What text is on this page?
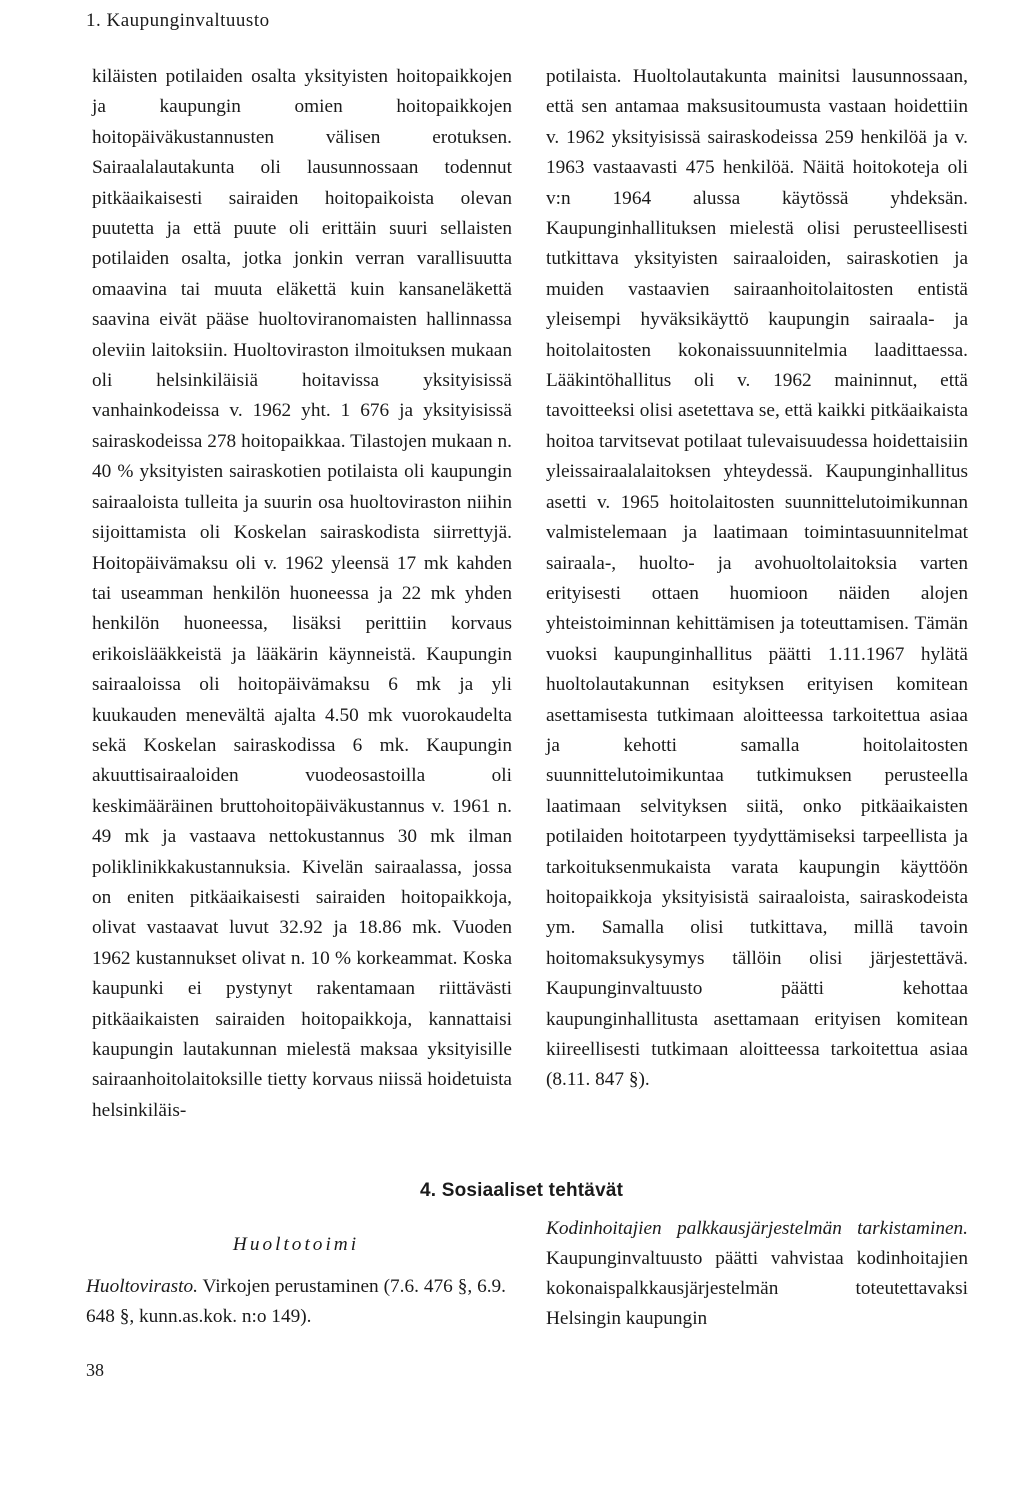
1. Kaupunginvaltuusto

kiläisten potilaiden osalta yksityisten hoitopaikkojen ja kaupungin omien hoitopaikkojen hoitopäiväkustannusten välisen erotuksen. Sairaalalautakunta oli lausunnossaan todennut pitkäaikaisesti sairaiden hoitopaikoista olevan puutetta ja että puute oli erittäin suuri sellaisten potilaiden osalta, jotka jonkin verran varallisuutta omaavina tai muuta eläkettä kuin kansaneläkettä saavina eivät pääse huoltoviranomaisten hallinnassa oleviin laitoksiin. Huoltoviraston ilmoituksen mukaan oli helsinkiläisiä hoitavissa yksityisissä vanhainkodeissa v. 1962 yht. 1 676 ja yksityisissä sairaskodeissa 278 hoitopaikkaa. Tilastojen mukaan n. 40 % yksityisten sairaskotien potilaista oli kaupungin sairaaloista tulleita ja suurin osa huoltoviraston niihin sijoittamista oli Koskelan sairaskodista siirrettyjä. Hoitopäivämaksu oli v. 1962 yleensä 17 mk kahden tai useamman henkilön huoneessa ja 22 mk yhden henkilön huoneessa, lisäksi perittiin korvaus erikoislääkkeistä ja lääkärin käynneistä. Kaupungin sairaaloissa oli hoitopäivämaksu 6 mk ja yli kuukauden menevältä ajalta 4.50 mk vuorokaudelta sekä Koskelan sairaskodissa 6 mk. Kaupungin akuuttisairaaloiden vuodeosastoilla oli keskimääräinen bruttohoitopäiväkustannus v. 1961 n. 49 mk ja vastaava nettokustannus 30 mk ilman poliklinikkakustannuksia. Kivelän sairaalassa, jossa on eniten pitkäaikaisesti sairaiden hoitopaikkoja, olivat vastaavat luvut 32.92 ja 18.86 mk. Vuoden 1962 kustannukset olivat n. 10 % korkeammat. Koska kaupunki ei pystynyt rakentamaan riittävästi pitkäaikaisten sairaiden hoitopaikkoja, kannattaisi kaupungin lautakunnan mielestä maksaa yksityisille sairaanhoitolaitoksille tietty korvaus niissä hoidetuista helsinkiläis-

potilaista. Huoltolautakunta mainitsi lausunnossaan, että sen antamaa maksusitoumusta vastaan hoidettiin v. 1962 yksityisissä sairaskodeissa 259 henkilöä ja v. 1963 vastaavasti 475 henkilöä. Näitä hoitokoteja oli v:n 1964 alussa käytössä yhdeksän. Kaupunginhallituksen mielestä olisi perusteellisesti tutkittava yksityisten sairaaloiden, sairaskotien ja muiden vastaavien sairaanhoitolaitosten entistä yleisempi hyväksikäyttö kaupungin sairaala- ja hoitolaitosten kokonaissuunnitelmia laadittaessa. Lääkintöhallitus oli v. 1962 maininnut, että tavoitteeksi olisi asetettava se, että kaikki pitkäaikaista hoitoa tarvitsevat potilaat tulevaisuudessa hoidettaisiin yleissairaalalaitoksen yhteydessä. Kaupunginhallitus asetti v. 1965 hoitolaitosten suunnittelutoimikunnan valmistelemaan ja laatimaan toimintasuunnitelmat sairaala-, huolto- ja avohuoltolaitoksia varten erityisesti ottaen huomioon näiden alojen yhteistoiminnan kehittämisen ja toteuttamisen. Tämän vuoksi kaupunginhallitus päätti 1.11.1967 hylätä huoltolautakunnan esityksen erityisen komitean asettamisesta tutkimaan aloitteessa tarkoitettua asiaa ja kehotti samalla hoitolaitosten suunnittelutoimikuntaa tutkimuksen perusteella laatimaan selvityksen siitä, onko pitkäaikaisten potilaiden hoitotarpeen tyydyttämiseksi tarpeellista ja tarkoituksenmukaista varata kaupungin käyttöön hoitopaikkoja yksityisistä sairaaloista, sairaskodeista ym. Samalla olisi tutkittava, millä tavoin hoitomaksukysymys tällöin olisi järjestettävä. Kaupunginvaltuusto päätti kehottaa kaupunginhallitusta asettamaan erityisen komitean kiireellisesti tutkimaan aloitteessa tarkoitettua asiaa (8.11. 847 §).

4. Sosiaaliset tehtävät
Huoltotoimi
Huoltovirasto. Virkojen perustaminen (7.6. 476 §, 6.9. 648 §, kunn.as.kok. n:o 149).
Kodinhoitajien palkkausjärjestelmän tarkistaminen. Kaupunginvaltuusto päätti vahvistaa kodinhoitajien kokonaispalkkausjärjestelmän toteutettavaksi Helsingin kaupungin
38
